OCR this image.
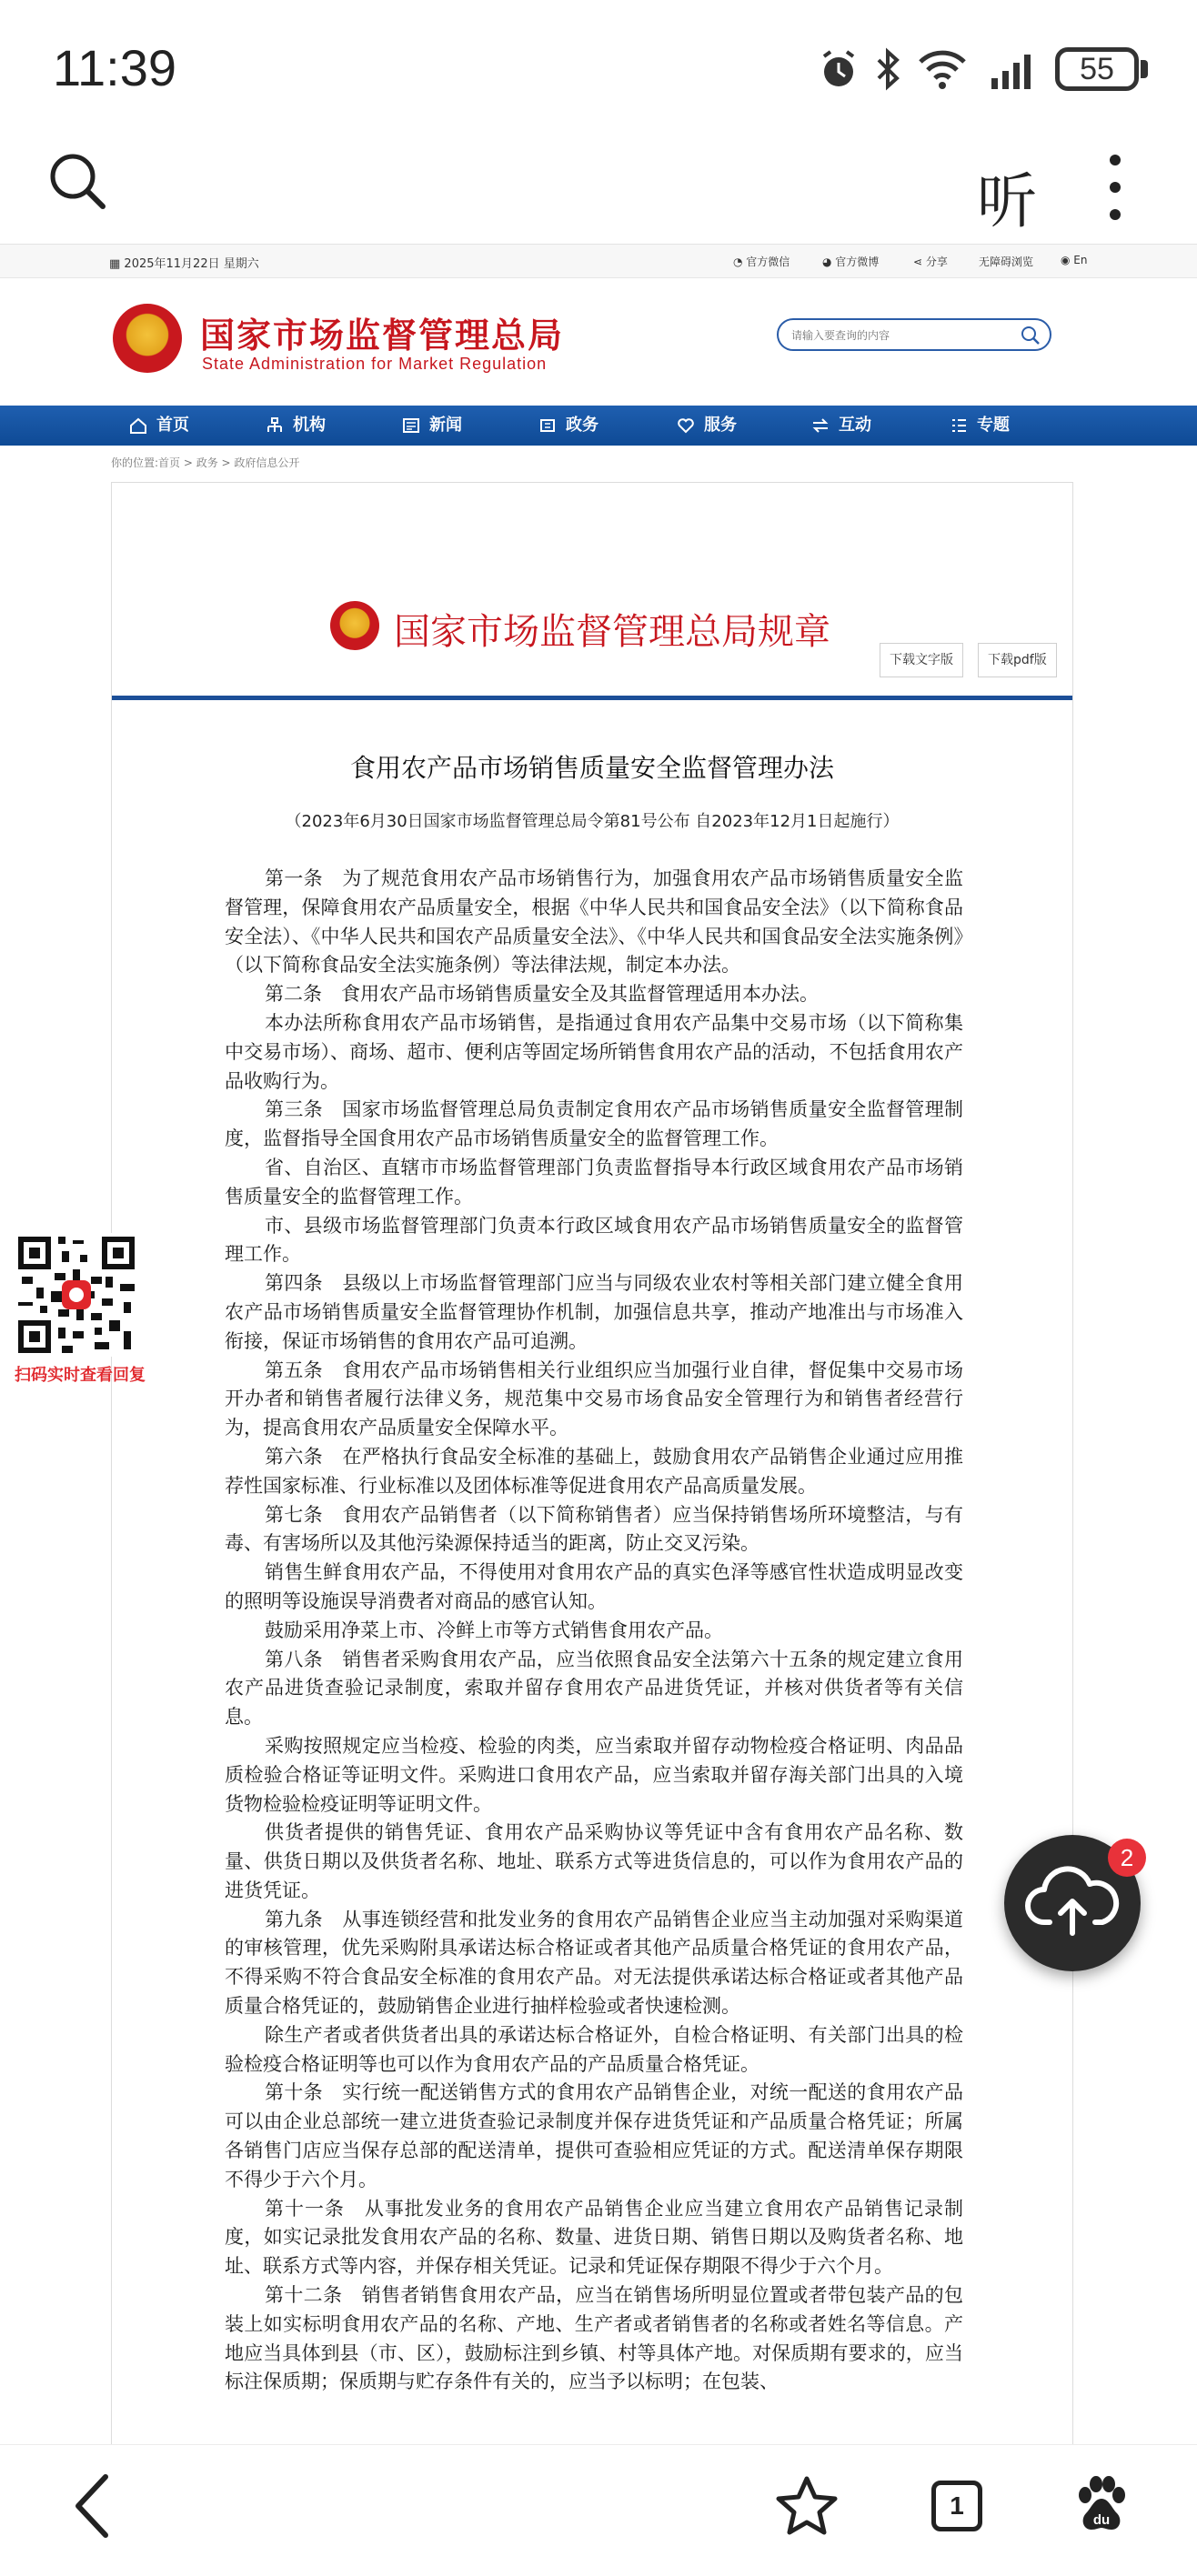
11:39	55
听
▦ 2025年11月22日 星期六	◔ 官方微信	◕ 官方微博	⋖ 分享	无障碍浏览 ◉ En
国家市场监督管理总局
State Administration for Market Regulation
请输入要查询的内容
首页	机构	新闻	政务	服务	互动	专题
你的位置:首页 > 政务 > 政府信息公开
国家市场监督管理总局规章
下载文字版	下载pdf版
食用农产品市场销售质量安全监督管理办法
（2023年6月30日国家市场监督管理总局令第81号公布 自2023年12月1日起施行）

第一条　为了规范食用农产品市场销售行为，加强食用农产品市场销售质量安全监督管理，保障食用农产品质量安全，根据《中华人民共和国食品安全法》（以下简称食品安全法）、《中华人民共和国农产品质量安全法》、《中华人民共和国食品安全法实施条例》（以下简称食品安全法实施条例）等法律法规，制定本办法。

第二条　食用农产品市场销售质量安全及其监督管理适用本办法。

本办法所称食用农产品市场销售，是指通过食用农产品集中交易市场（以下简称集中交易市场）、商场、超市、便利店等固定场所销售食用农产品的活动，不包括食用农产品收购行为。

第三条　国家市场监督管理总局负责制定食用农产品市场销售质量安全监督管理制度，监督指导全国食用农产品市场销售质量安全的监督管理工作。

省、自治区、直辖市市场监督管理部门负责监督指导本行政区域食用农产品市场销售质量安全的监督管理工作。

市、县级市场监督管理部门负责本行政区域食用农产品市场销售质量安全的监督管理工作。

第四条　县级以上市场监督管理部门应当与同级农业农村等相关部门建立健全食用农产品市场销售质量安全监督管理协作机制，加强信息共享，推动产地准出与市场准入衔接，保证市场销售的食用农产品可追溯。

第五条　食用农产品市场销售相关行业组织应当加强行业自律，督促集中交易市场开办者和销售者履行法律义务，规范集中交易市场食品安全管理行为和销售者经营行为，提高食用农产品质量安全保障水平。

第六条　在严格执行食品安全标准的基础上，鼓励食用农产品销售企业通过应用推荐性国家标准、行业标准以及团体标准等促进食用农产品高质量发展。

第七条　食用农产品销售者（以下简称销售者）应当保持销售场所环境整洁，与有毒、有害场所以及其他污染源保持适当的距离，防止交叉污染。

销售生鲜食用农产品，不得使用对食用农产品的真实色泽等感官性状造成明显改变的照明等设施误导消费者对商品的感官认知。

鼓励采用净菜上市、冷鲜上市等方式销售食用农产品。

第八条　销售者采购食用农产品，应当依照食品安全法第六十五条的规定建立食用农产品进货查验记录制度，索取并留存食用农产品进货凭证，并核对供货者等有关信息。

采购按照规定应当检疫、检验的肉类，应当索取并留存动物检疫合格证明、肉品品质检验合格证等证明文件。采购进口食用农产品，应当索取并留存海关部门出具的入境货物检验检疫证明等证明文件。

供货者提供的销售凭证、食用农产品采购协议等凭证中含有食用农产品名称、数量、供货日期以及供货者名称、地址、联系方式等进货信息的，可以作为食用农产品的进货凭证。

第九条　从事连锁经营和批发业务的食用农产品销售企业应当主动加强对采购渠道的审核管理，优先采购附具承诺达标合格证或者其他产品质量合格凭证的食用农产品，不得采购不符合食品安全标准的食用农产品。对无法提供承诺达标合格证或者其他产品质量合格凭证的，鼓励销售企业进行抽样检验或者快速检测。

除生产者或者供货者出具的承诺达标合格证外，自检合格证明、有关部门出具的检验检疫合格证明等也可以作为食用农产品的产品质量合格凭证。

第十条　实行统一配送销售方式的食用农产品销售企业，对统一配送的食用农产品可以由企业总部统一建立进货查验记录制度并保存进货凭证和产品质量合格凭证；所属各销售门店应当保存总部的配送清单，提供可查验相应凭证的方式。配送清单保存期限不得少于六个月。

第十一条　从事批发业务的食用农产品销售企业应当建立食用农产品销售记录制度，如实记录批发食用农产品的名称、数量、进货日期、销售日期以及购货者名称、地址、联系方式等内容，并保存相关凭证。记录和凭证保存期限不得少于六个月。

第十二条　销售者销售食用农产品，应当在销售场所明显位置或者带包装产品的包装上如实标明食用农产品的名称、产地、生产者或者销售者的名称或者姓名等信息。产地应当具体到县（市、区），鼓励标注到乡镇、村等具体产地。对保质期有要求的，应当标注保质期；保质期与贮存条件有关的，应当予以标明；在包装、

扫码实时查看回复
2
1
du
